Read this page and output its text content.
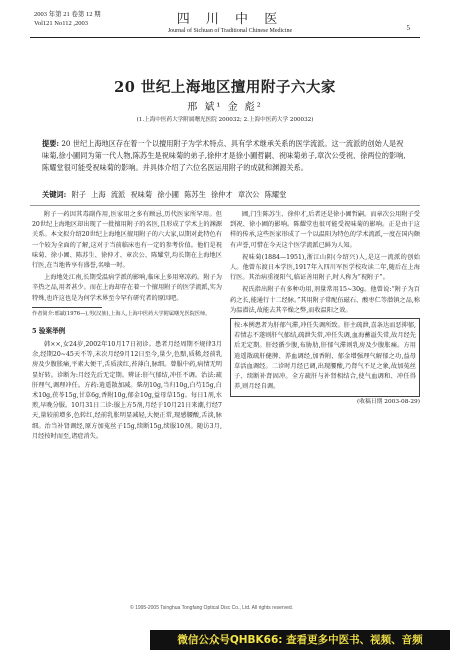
2003 年第 21 卷第 12 期
Vol121 No112 ,2003	四 川 中 医
Journal of Sichuan of Traditional Chinese Medicine	5
20 世纪上海地区擅用附子六大家
邢 斌¹ 金 彪²
(1.上海中医药大学附属曙光医院 200032; 2.上海中医药大学 200032)
提要: 20 世纪上海地区存在着一个以擅用附子为学术特点、具有学术继承关系的医学流派。这一流派的创始人是祝味菊,徐小圃同为第一代人物,陈苏生是祝味菊的弟子,徐仲才是徐小圃哲嗣、祝味菊弟子,章次公受祝、徐两位的影响,陈耀堂很可能受祝味菊的影响。并具体介绍了六位名医运用附子的成就和渊源关系。
关键词: 附子 上海 流派 祝味菊 徐小圃 陈苏生 徐仲才 章次公 陈耀堂

附子一药因其毒副作用,医家用之多有顾忌,历代医家所罕用。但20世纪上海地区却出现了一批擅用附子的名医,且形成了学术上的渊源关系。本文拟介绍20世纪上海地区擅用附子的六大家,以期对此特色有一个较为全面的了解,这对于当前临床也有一定的参考价值。他们是祝味菊、徐小圃、陈苏生、徐仲才、章次公、陈耀堂,均长期在上海地区行医,在当地皆享有盛誉,名噪一时。

上海地处江南,长期受温病学派的影响,临床上多用寒凉药。附子为辛热之品,用者甚少。而在上海却存在着一个擅用附子的医学流派,实为特殊,也许这也是为何学术界至今罕有研究者的原因吧。

作者简介:邢斌(1976—),男(汉族),上海人,上海中医药大学附属曙光医院医师。

5 验案举例

韩××,女24岁,2002年10月17日初诊。患者月经周期不规律3月余,经期20~45天不等,末次月经9月12日至今,量少,色黯,质稀,经前乳房及少腹胀痛,平素大便干,舌质淡红,苔薄白,脉细。曾服中药,病情无明显好转。诊断为:月经先后无定期。辨证:肝气郁结,冲任不调。治法:疏肝理气,调理冲任。方药:逍遥散加减。柴胡10g,当归10g,白芍15g,白术10g,茯苓15g,甘草6g,香附10g,郁金10g,益母草15g。每日1剂,水煎,早晚分服。10月31日二诊:服上方5剂,月经于10月21日来潮,行经7天,量较前增多,色转红,经前乳胀明显减轻,大便正常,现感腰酸,舌淡,脉细。治当补肾调经,原方加菟丝子15g,续断15g,续服10剂。随访3月,月经按时而至,诸症消失。

圃,门生陈苏生、徐仲才,后者还是徐小圃哲嗣。而章次公用附子受到祝、徐小圃的影响。陈耀堂也很可能受祝味菊的影响。正是由于这样的传承,这些医家形成了一个以温阳为特色的学术流派,一度在国内颇有声誉,可惜在今天这个医学流派已鲜为人知。

祝味菊(1884—1951),浙江山阴(今绍兴)人,是这一流派的创始人。他曾东渡日本学医,1917年入四川军医学校攻读二年,随后在上海行医。其治病重视阳气,临证善用附子,时人称为“祝附子”。

祝氏指出附子有多种功用,剂量常用15~30g。他曾说:“附子为百药之长,能通行十二经脉。”其用附子常配伍磁石、酸枣仁等潜镇之品,称为温潜法,故能去其辛燥之弊,而收温阳之效。

按:本例患者为肝郁气滞,冲任失调所致。肝主疏泄,喜条达而恶抑郁,若情志不遂则肝气郁结,疏泄失常,冲任失调,血海蓄溢失常,故月经先后无定期。肝经循少腹,布胁肋,肝郁气滞则乳房及少腹胀痛。方用逍遥散疏肝健脾、养血调经,加香附、郁金增强理气解郁之功,益母草活血调经。二诊时月经已调,出现腰酸,乃肾气不足之象,故加菟丝子、续断补肾固冲。全方疏肝与补肾相结合,使气血调和、冲任得养,则月经自调。

(收稿日期 2003-08-29)

© 1995-2005 Tsinghua Tongfang Optical Disc Co., Ltd. All rights reserved.
微信公众号QHBK66: 查看更多中医书、视频、音频
